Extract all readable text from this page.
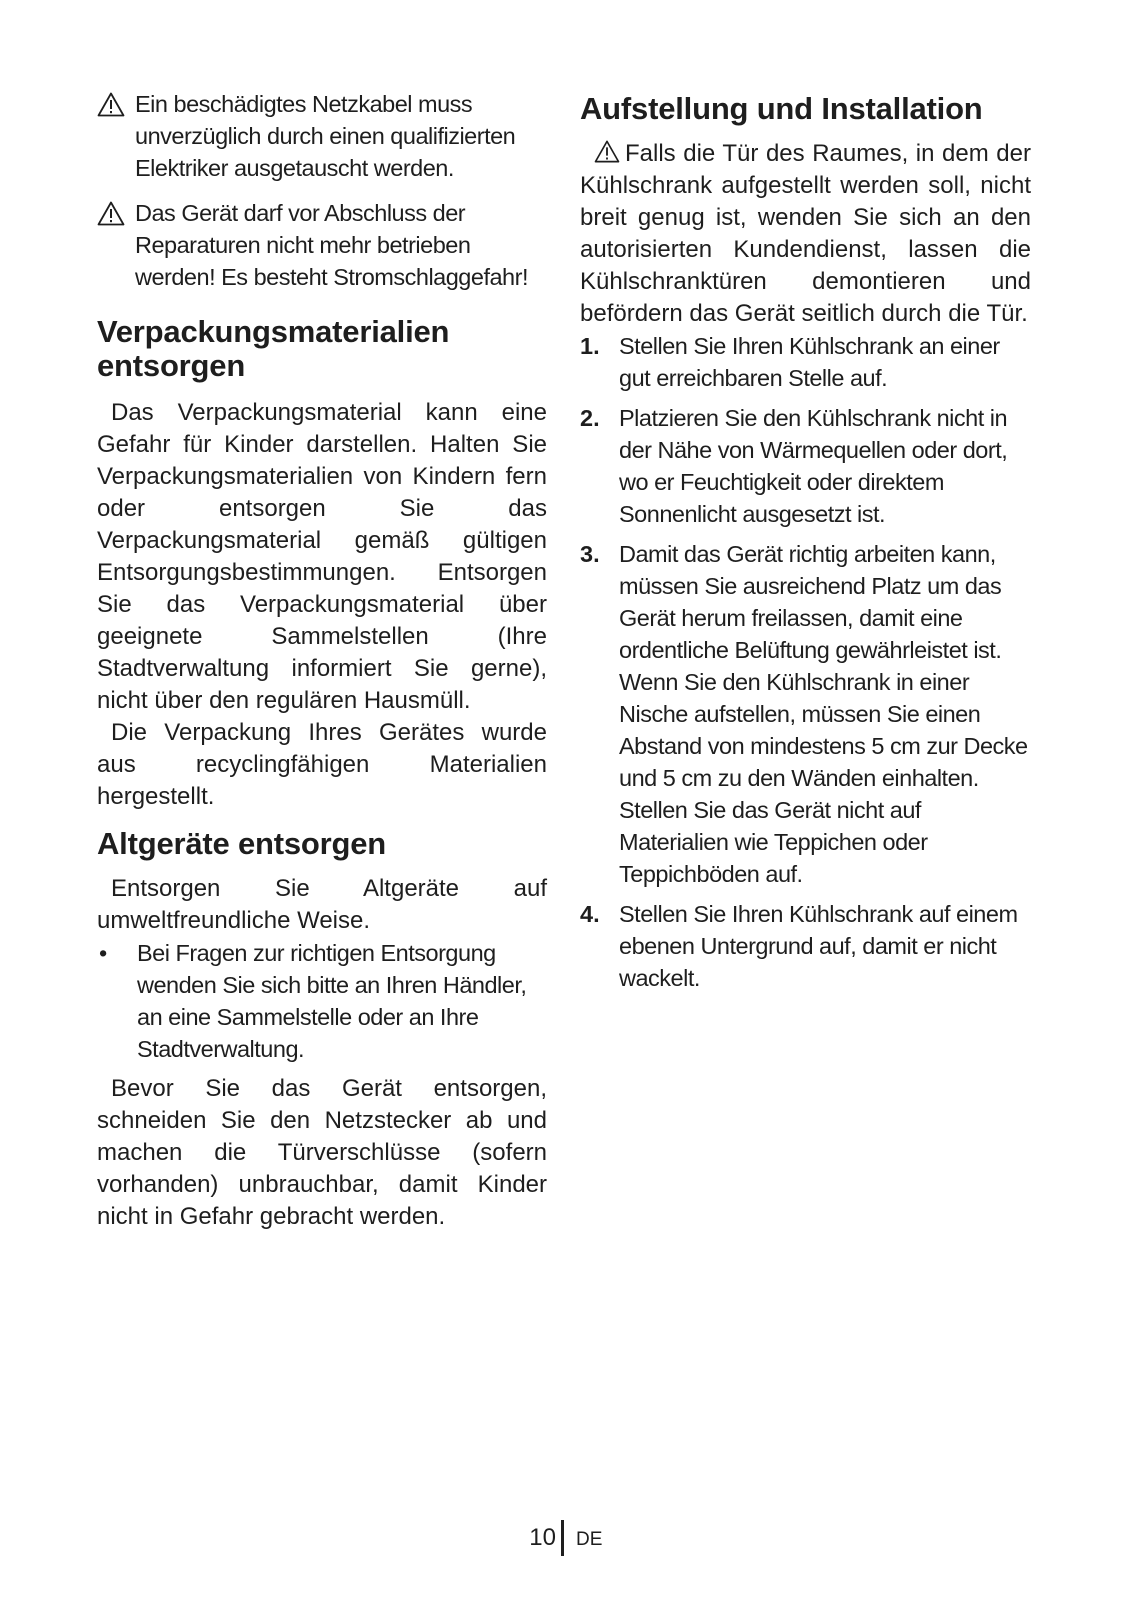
Ein beschädigtes Netzkabel muss unverzüglich durch einen qualifizierten Elektriker ausgetauscht werden.
Das Gerät darf vor Abschluss der Reparaturen nicht mehr betrieben werden! Es besteht Stromschlaggefahr!
Verpackungsmaterialien entsorgen

Das Verpackungsmaterial kann eine Gefahr für Kinder darstellen. Halten Sie Verpackungsmaterialien von Kindern fern oder entsorgen Sie das Verpackungsmaterial gemäß gültigen Entsorgungsbestimmungen. Entsorgen Sie das Verpackungsmaterial über geeignete Sammelstellen (Ihre Stadtverwaltung informiert Sie gerne), nicht über den regulären Hausmüll.

Die Verpackung Ihres Gerätes wurde aus recyclingfähigen Materialien hergestellt.

Altgeräte entsorgen

Entsorgen Sie Altgeräte auf umweltfreundliche Weise.

•	Bei Fragen zur richtigen Entsorgung wenden Sie sich bitte an Ihren Händler, an eine Sammelstelle oder an Ihre Stadtverwaltung.

Bevor Sie das Gerät entsorgen, schneiden Sie den Netzstecker ab und machen die Türverschlüsse (sofern vorhanden) unbrauchbar, damit Kinder nicht in Gefahr gebracht werden.

Aufstellung und Installation

Falls die Tür des Raumes, in dem der Kühlschrank aufgestellt werden soll, nicht breit genug ist, wenden Sie sich an den autorisierten Kundendienst, lassen die Kühlschranktüren demontieren und befördern das Gerät seitlich durch die Tür.

1. Stellen Sie Ihren Kühlschrank an einer gut erreichbaren Stelle auf.
2. Platzieren Sie den Kühlschrank nicht in der Nähe von Wärmequellen oder dort, wo er Feuchtigkeit oder direktem Sonnenlicht ausgesetzt ist.
3. Damit das Gerät richtig arbeiten kann, müssen Sie ausreichend Platz um das Gerät herum freilassen, damit eine ordentliche Belüftung gewährleistet ist. Wenn Sie den Kühlschrank in einer Nische aufstellen, müssen Sie einen Abstand von mindestens 5 cm zur Decke und 5 cm zu den Wänden einhalten. Stellen Sie das Gerät nicht auf Materialien wie Teppichen oder Teppichböden auf.
4. Stellen Sie Ihren Kühlschrank auf einem ebenen Untergrund auf, damit er nicht wackelt.
10 DE
